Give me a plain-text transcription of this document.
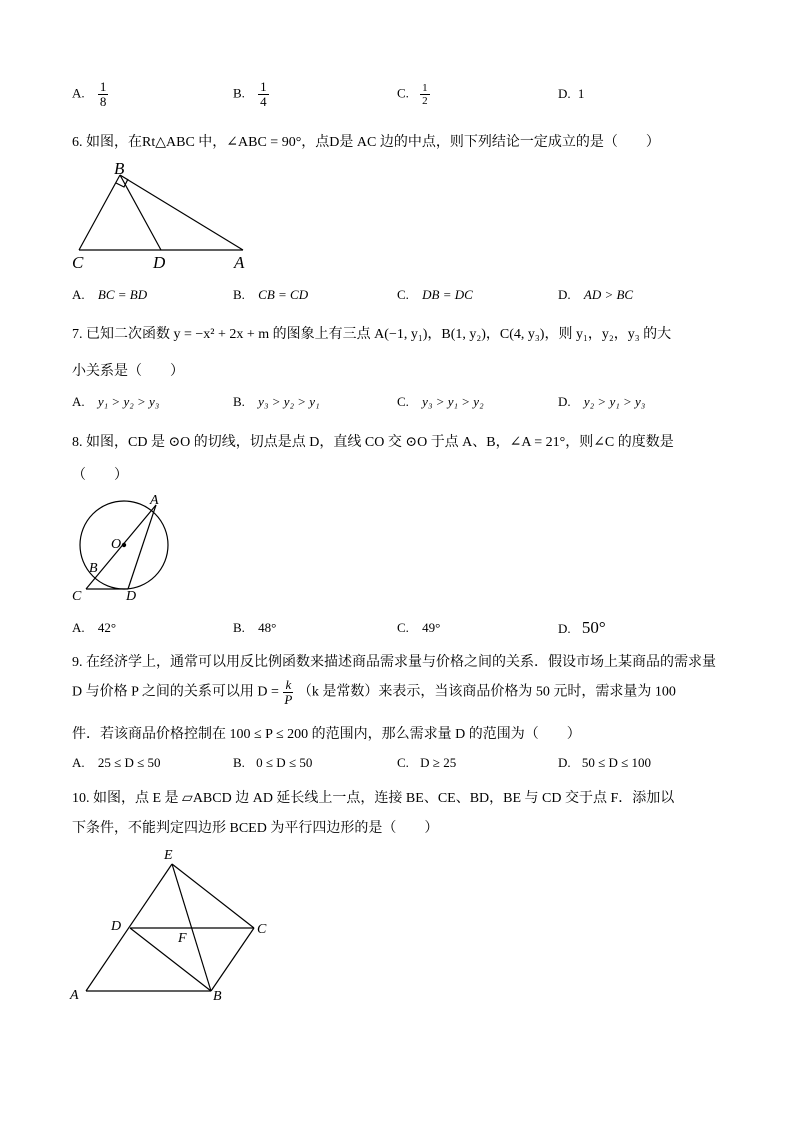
A. $\frac{1}{8}$	B. $\frac{1}{4}$	C. $\frac{1}{2}$	D. 1
6. 如图，在Rt△ABC 中，∠ABC = 90°，点D是 AC 边的中点，则下列结论一定成立的是（　　）
B
C	D	A
A. BC = BD	B. CB = CD	C. DB = DC	D. AD > BC
7. 已知二次函数 y = −x² + 2x + m 的图象上有三点 A(−1, y₁)，B(1, y₂)，C(4, y₃)，则 y₁，y₂，y₃ 的大
小关系是（　　）
A. y₁ > y₂ > y₃	B. y₃ > y₂ > y₁	C. y₃ > y₁ > y₂	D. y₂ > y₁ > y₃
8. 如图，CD 是 ⊙O 的切线，切点是点 D，直线 CO 交 ⊙O 于点 A、B，∠A = 21°，则∠C 的度数是
（　　）
A
O
B
C	D
A. 42°	B. 48°	C. 49°	D. 50°
9. 在经济学上，通常可以用反比例函数来描述商品需求量与价格之间的关系．假设市场上某商品的需求量
D 与价格 P 之间的关系可以用 $D = \frac{k}{P} (k$ 是常数）来表示，当该商品价格为 50 元时，需求量为 100
件．若该商品价格控制在 100 ≤ P ≤ 200 的范围内，那么需求量 D 的范围为（　　）
A. 25 ≤ D ≤ 50	B. 0 ≤ D ≤ 50	C. D ≥ 25	D. 50 ≤ D ≤ 100
10. 如图，点 E 是 ▱ABCD 边 AD 延长线上一点，连接 BE、CE、BD，BE 与 CD 交于点 F．添加以
下条件，不能判定四边形 BCED 为平行四边形的是（　　）
E
D
F
C
A	B
